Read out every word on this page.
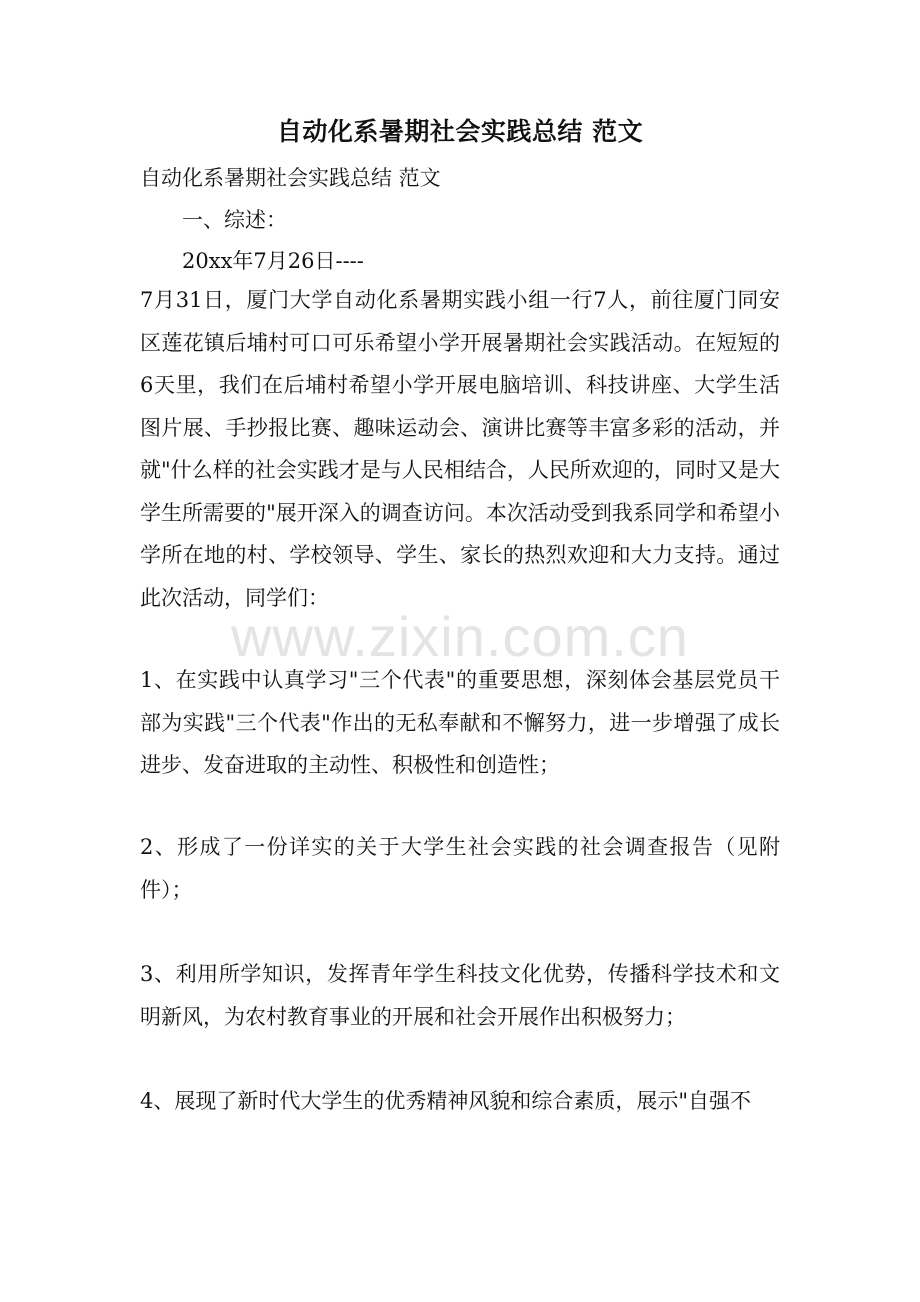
自动化系暑期社会实践总结 范文
自动化系暑期社会实践总结 范文
一、综述：
20xx年7月26日----
7月31日，厦门大学自动化系暑期实践小组一行7人，前往厦门同安区莲花镇后埔村可口可乐希望小学开展暑期社会实践活动。在短短的6天里，我们在后埔村希望小学开展电脑培训、科技讲座、大学生活图片展、手抄报比赛、趣味运动会、演讲比赛等丰富多彩的活动，并就"什么样的社会实践才是与人民相结合，人民所欢迎的，同时又是大学生所需要的"展开深入的调查访问。本次活动受到我系同学和希望小学所在地的村、学校领导、学生、家长的热烈欢迎和大力支持。通过此次活动，同学们：
www.zixin.com.cn
1、在实践中认真学习"三个代表"的重要思想，深刻体会基层党员干部为实践"三个代表"作出的无私奉献和不懈努力，进一步增强了成长进步、发奋进取的主动性、积极性和创造性；
2、形成了一份详实的关于大学生社会实践的社会调查报告（见附件）；
3、利用所学知识，发挥青年学生科技文化优势，传播科学技术和文明新风，为农村教育事业的开展和社会开展作出积极努力；
4、展现了新时代大学生的优秀精神风貌和综合素质，展示"自强不
